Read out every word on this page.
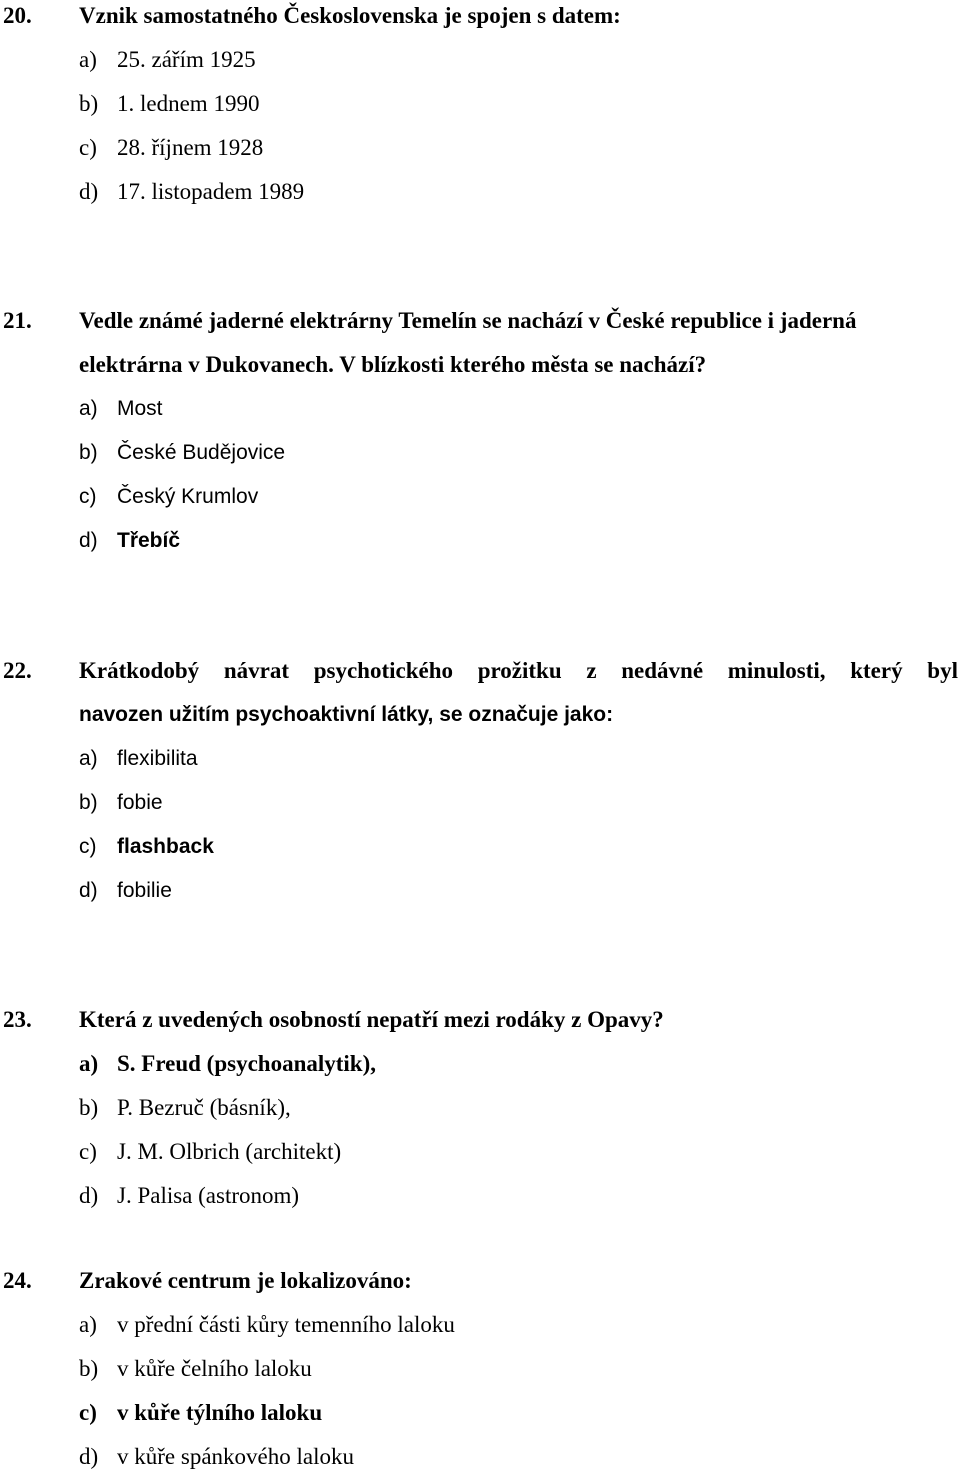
20. Vznik samostatného Československa je spojen s datem:
a) 25. zářím 1925
b) 1. lednem 1990
c) 28. říjnem 1928
d) 17. listopadem 1989
21. Vedle známé jaderné elektrárny Temelín se nachází v České republice i jaderná
elektrárna v Dukovanech. V blízkosti kterého města se nachází?
a) Most
b) České Budějovice
c) Český Krumlov
d) Třebíč
22. Krátkodobý návrat psychotického prožitku z nedávné minulosti, který byl
navozen užitím psychoaktivní látky, se označuje jako:
a) flexibilita
b) fobie
c) flashback
d) fobilie
23. Která z uvedených osobností nepatří mezi rodáky z Opavy?
a) S. Freud (psychoanalytik),
b) P. Bezruč (básník),
c) J. M. Olbrich (architekt)
d) J. Palisa (astronom)
24. Zrakové centrum je lokalizováno:
a) v přední části kůry temenního laloku
b) v kůře čelního laloku
c) v kůře týlního laloku
d) v kůře spánkového laloku
